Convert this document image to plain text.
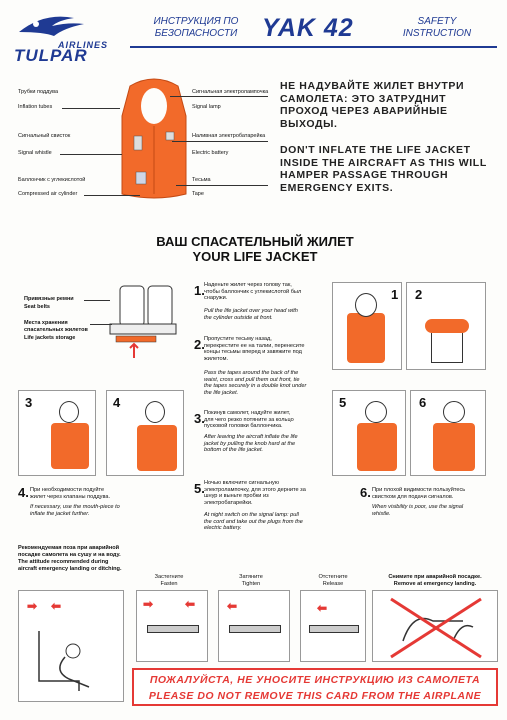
AIRLINES
TULPAR
ИНСТРУКЦИЯ ПО
БЕЗОПАСНОСТИ YAK 42	SAFETY
INSTRUCTION
Трубки поддува
Inflation tubes
Сигнальный свисток
Signal whistle
Баллончик с углекислотой
Compressed air cylinder
Сигнальная электролампочка
Signal lamp
Наливная электробатарейка
Electric battery
Тесьма
Tape
НЕ НАДУВАЙТЕ ЖИЛЕТ ВНУТРИ
САМОЛЕТА: ЭТО ЗАТРУДНИТ
ПРОХОД ЧЕРЕЗ АВАРИЙНЫЕ
ВЫХОДЫ.
DON'T INFLATE THE LIFE JACKET
INSIDE THE AIRCRAFT AS THIS WILL
HAMPER PASSAGE THROUGH
EMERGENCY EXITS.
ВАШ СПАСАТЕЛЬНЫЙ ЖИЛЕТ
YOUR LIFE JACKET
Привязные ремни
Seat belts
Места хранения
спасательных жилетов
Life jackets storage
1. Наденьте жилет через голову так,
чтобы баллончик с углекислотой был
снаружи.
Pull the life jacket over your head with
the cylinder outside at front.
2. Пропустите тесьму назад,
перекрестите ее на талии, перенесите
концы тесьмы вперед и завяжите под
жилетом.
Pass the tapes around the back of the
waist, cross and pull them out front, tie
the tapes securely in a double knot under
the life jacket.
3. Покинув самолет, надуйте жилет,
для чего резко потяните за кольцо
пусковой головки баллончика.
After leaving the aircraft inflate the life
jacket by pulling the knob hard at the
bottom of the life jacket.
4. При необходимости подуйте
жилет через клапаны поддува.
If necessary, use the mouth-piece to
inflate the jacket further.
5. Ночью включите сигнальную
электролампочку, для этого дерните за
шнур и выньте пробки из
электробатарейки.
At night switch on the signal lamp: pull
the cord and take out the plugs from the
electric battery.
6. При плохой видимости пользуйтесь
свистком для подачи сигналов.
When visibility is poor, use the signal
whistle.
1 2
3	4	5	6
Рекомендуемая поза при аварийной
посадке самолета на сушу и на воду.
The attitude recommended during
aircraft emergency landing or ditching.
Застегните
Fasten
Затяните
Tighten
Отстегните
Release
Снимите при аварийной посадке.
Remove at emergency landing.
➡ ⬅	➡	⬅	⬅	⬅
ПОЖАЛУЙСТА, НЕ УНОСИТЕ ИНСТРУКЦИЮ ИЗ САМОЛЕТА
PLEASE DO NOT REMOVE THIS CARD FROM THE AIRPLANE
